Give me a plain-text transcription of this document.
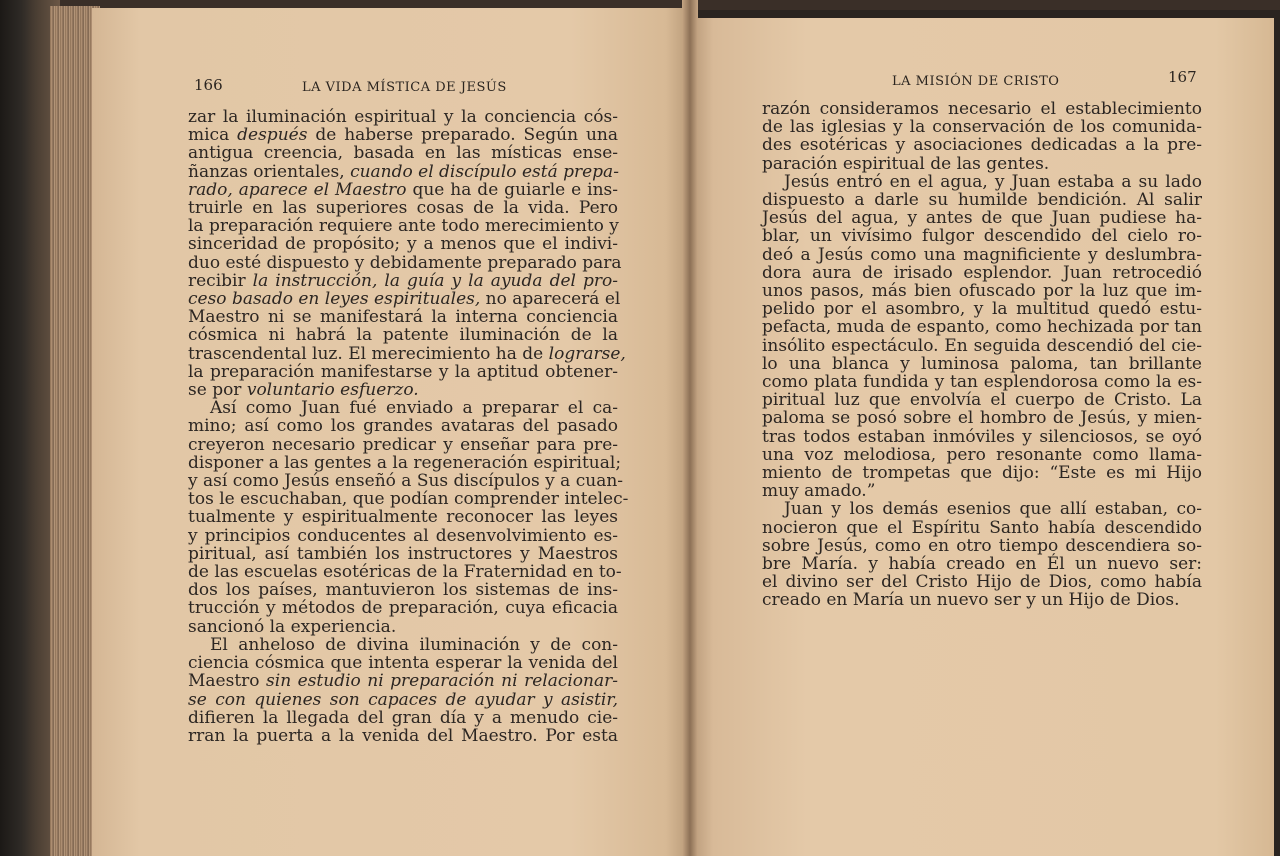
166	LA VIDA MÍSTICA DE JESÚS
zar la iluminación espiritual y la conciencia cós-
mica después de haberse preparado. Según una
antigua creencia, basada en las místicas ense-
ñanzas orientales, cuando el discípulo está prepa-
rado, aparece el Maestro que ha de guiarle e ins-
truirle en las superiores cosas de la vida. Pero
la preparación requiere ante todo merecimiento y
sinceridad de propósito; y a menos que el indivi-
duo esté dispuesto y debidamente preparado para
recibir la instrucción, la guía y la ayuda del pro-
ceso basado en leyes espirituales, no aparecerá el
Maestro ni se manifestará la interna conciencia
cósmica ni habrá la patente iluminación de la
trascendental luz. El merecimiento ha de lograrse,
la preparación manifestarse y la aptitud obtener-
se por voluntario esfuerzo.
Así como Juan fué enviado a preparar el ca-
mino; así como los grandes avataras del pasado
creyeron necesario predicar y enseñar para pre-
disponer a las gentes a la regeneración espiritual;
y así como Jesús enseñó a Sus discípulos y a cuan-
tos le escuchaban, que podían comprender intelec-
tualmente y espiritualmente reconocer las leyes
y principios conducentes al desenvolvimiento es-
piritual, así también los instructores y Maestros
de las escuelas esotéricas de la Fraternidad en to-
dos los países, mantuvieron los sistemas de ins-
trucción y métodos de preparación, cuya eficacia
sancionó la experiencia.
El anheloso de divina iluminación y de con-
ciencia cósmica que intenta esperar la venida del
Maestro sin estudio ni preparación ni relacionar-
se con quienes son capaces de ayudar y asistir,
difieren la llegada del gran día y a menudo cie-
rran la puerta a la venida del Maestro. Por esta
LA MISIÓN DE CRISTO	167
razón consideramos necesario el establecimiento
de las iglesias y la conservación de los comunida-
des esotéricas y asociaciones dedicadas a la pre-
paración espiritual de las gentes.
Jesús entró en el agua, y Juan estaba a su lado
dispuesto a darle su humilde bendición. Al salir
Jesús del agua, y antes de que Juan pudiese ha-
blar, un vivísimo fulgor descendido del cielo ro-
deó a Jesús como una magnificiente y deslumbra-
dora aura de irisado esplendor. Juan retrocedió
unos pasos, más bien ofuscado por la luz que im-
pelido por el asombro, y la multitud quedó estu-
pefacta, muda de espanto, como hechizada por tan
insólito espectáculo. En seguida descendió del cie-
lo una blanca y luminosa paloma, tan brillante
como plata fundida y tan esplendorosa como la es-
piritual luz que envolvía el cuerpo de Cristo. La
paloma se posó sobre el hombro de Jesús, y mien-
tras todos estaban inmóviles y silenciosos, se oyó
una voz melodiosa, pero resonante como llama-
miento de trompetas que dijo: “Este es mi Hijo
muy amado.”
Juan y los demás esenios que allí estaban, co-
nocieron que el Espíritu Santo había descendido
sobre Jesús, como en otro tiempo descendiera so-
bre María. y había creado en Él un nuevo ser:
el divino ser del Cristo Hijo de Dios, como había
creado en María un nuevo ser y un Hijo de Dios.
